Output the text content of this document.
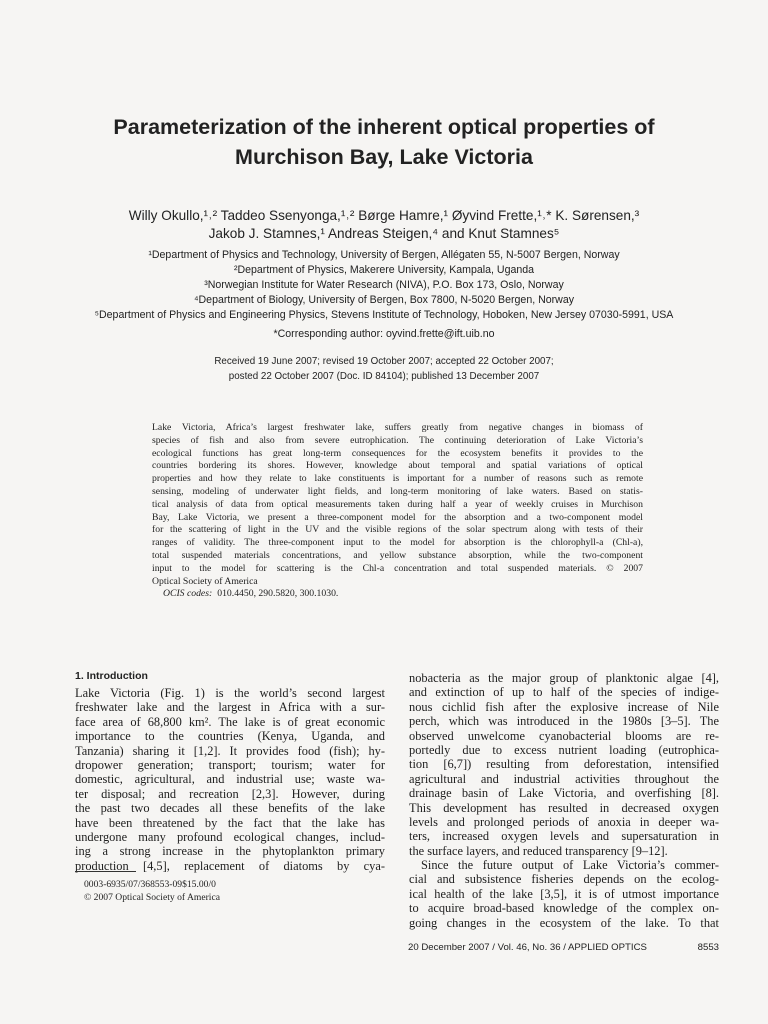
Parameterization of the inherent optical properties of
Murchison Bay, Lake Victoria
Willy Okullo,¹˒² Taddeo Ssenyonga,¹˒² Børge Hamre,¹ Øyvind Frette,¹˒* K. Sørensen,³
Jakob J. Stamnes,¹ Andreas Steigen,⁴ and Knut Stamnes⁵
¹Department of Physics and Technology, University of Bergen, Allégaten 55, N-5007 Bergen, Norway
²Department of Physics, Makerere University, Kampala, Uganda
³Norwegian Institute for Water Research (NIVA), P.O. Box 173, Oslo, Norway
⁴Department of Biology, University of Bergen, Box 7800, N-5020 Bergen, Norway
⁵Department of Physics and Engineering Physics, Stevens Institute of Technology, Hoboken, New Jersey 07030-5991, USA
*Corresponding author: oyvind.frette@ift.uib.no
Received 19 June 2007; revised 19 October 2007; accepted 22 October 2007;
posted 22 October 2007 (Doc. ID 84104); published 13 December 2007
Lake Victoria, Africa’s largest freshwater lake, suffers greatly from negative changes in biomass of
species of fish and also from severe eutrophication. The continuing deterioration of Lake Victoria’s
ecological functions has great long-term consequences for the ecosystem benefits it provides to the
countries bordering its shores. However, knowledge about temporal and spatial variations of optical
properties and how they relate to lake constituents is important for a number of reasons such as remote
sensing, modeling of underwater light fields, and long-term monitoring of lake waters. Based on statis-
tical analysis of data from optical measurements taken during half a year of weekly cruises in Murchison
Bay, Lake Victoria, we present a three-component model for the absorption and a two-component model
for the scattering of light in the UV and the visible regions of the solar spectrum along with tests of their
ranges of validity. The three-component input to the model for absorption is the chlorophyll-a (Chl-a),
total suspended materials concentrations, and yellow substance absorption, while the two-component
input to the model for scattering is the Chl-a concentration and total suspended materials. © 2007
Optical Society of America
OCIS codes: 010.4450, 290.5820, 300.1030.
1. Introduction
Lake Victoria (Fig. 1) is the world’s second largest
freshwater lake and the largest in Africa with a sur-
face area of 68,800 km². The lake is of great economic
importance to the countries (Kenya, Uganda, and
Tanzania) sharing it [1,2]. It provides food (fish); hy-
dropower generation; transport; tourism; water for
domestic, agricultural, and industrial use; waste wa-
ter disposal; and recreation [2,3]. However, during
the past two decades all these benefits of the lake
have been threatened by the fact that the lake has
undergone many profound ecological changes, includ-
ing a strong increase in the phytoplankton primary
production [4,5], replacement of diatoms by cya-
nobacteria as the major group of planktonic algae [4],
and extinction of up to half of the species of indige-
nous cichlid fish after the explosive increase of Nile
perch, which was introduced in the 1980s [3–5]. The
observed unwelcome cyanobacterial blooms are re-
portedly due to excess nutrient loading (eutrophica-
tion [6,7]) resulting from deforestation, intensified
agricultural and industrial activities throughout the
drainage basin of Lake Victoria, and overfishing [8].
This development has resulted in decreased oxygen
levels and prolonged periods of anoxia in deeper wa-
ters, increased oxygen levels and supersaturation in
the surface layers, and reduced transparency [9–12].
Since the future output of Lake Victoria’s commer-
cial and subsistence fisheries depends on the ecolog-
ical health of the lake [3,5], it is of utmost importance
to acquire broad-based knowledge of the complex on-
going changes in the ecosystem of the lake. To that
0003-6935/07/368553-09$15.00/0
© 2007 Optical Society of America
20 December 2007 / Vol. 46, No. 36 / APPLIED OPTICS	8553
